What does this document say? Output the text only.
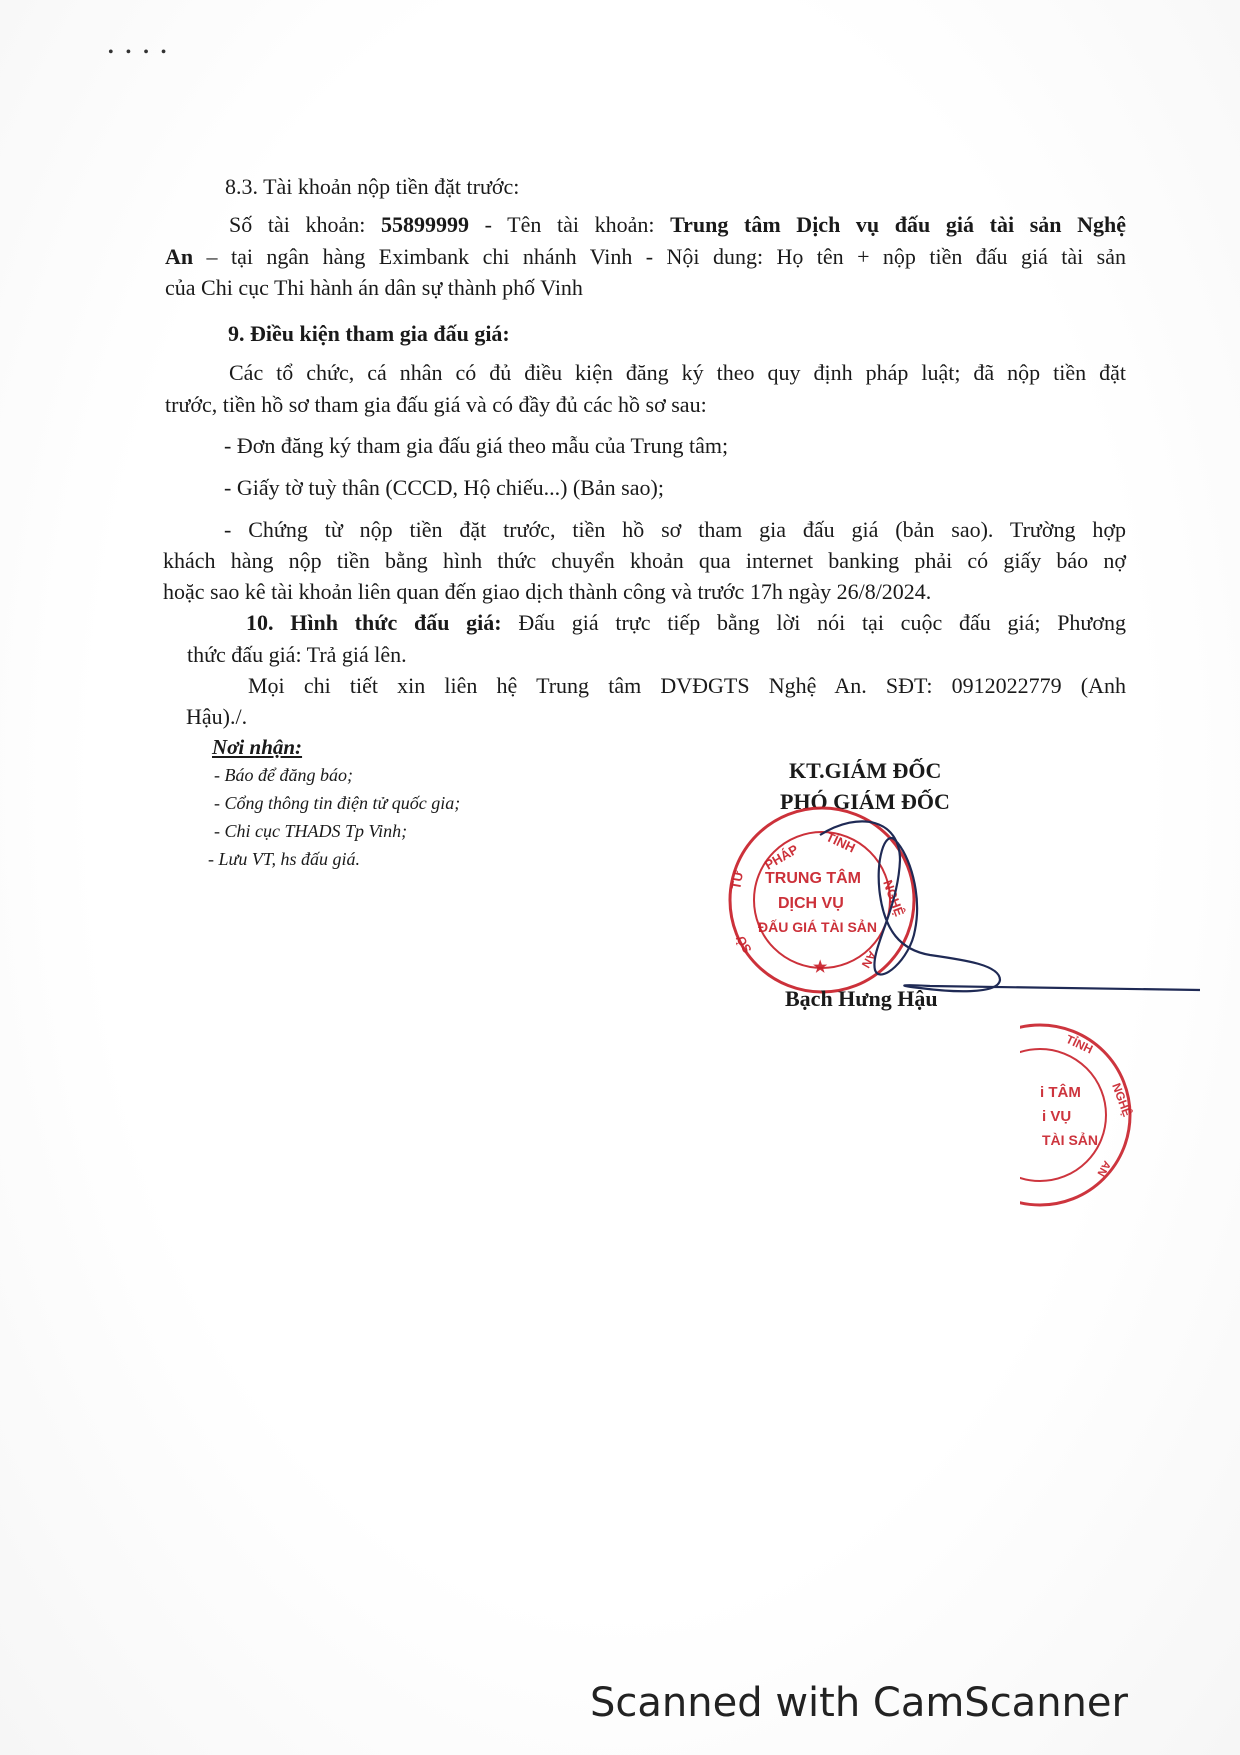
• • • •
8.3. Tài khoản nộp tiền đặt trước:
Số tài khoản: 55899999 - Tên tài khoản: Trung tâm Dịch vụ đấu giá tài sản Nghệ
An – tại ngân hàng Eximbank chi nhánh Vinh - Nội dung: Họ tên + nộp tiền đấu giá tài sản
của Chi cục Thi hành án dân sự thành phố Vinh
9. Điều kiện tham gia đấu giá:
Các tổ chức, cá nhân có đủ điều kiện đăng ký theo quy định pháp luật; đã nộp tiền đặt
trước, tiền hồ sơ tham gia đấu giá và có đầy đủ các hồ sơ sau:
- Đơn đăng ký tham gia đấu giá theo mẫu của Trung tâm;
- Giấy tờ tuỳ thân (CCCD, Hộ chiếu...) (Bản sao);
- Chứng từ nộp tiền đặt trước, tiền hồ sơ tham gia đấu giá (bản sao). Trường hợp
khách hàng nộp tiền bằng hình thức chuyển khoản qua internet banking phải có giấy báo nợ
hoặc sao kê tài khoản liên quan đến giao dịch thành công và trước 17h ngày 26/8/2024.
10. Hình thức đấu giá: Đấu giá trực tiếp bằng lời nói tại cuộc đấu giá; Phương
thức đấu giá: Trả giá lên.
Mọi chi tiết xin liên hệ Trung tâm DVĐGTS Nghệ An. SĐT: 0912022779 (Anh
Hậu)./.
Nơi nhận:
- Báo để đăng báo;
- Cổng thông tin điện tử quốc gia;
- Chi cục THADS Tp Vinh;
- Lưu VT, hs đấu giá.
KT.GIÁM ĐỐC
PHÓ GIÁM ĐỐC
PHÁP TỈNH
NGHỆ
AN
TƯ
SỞ
TRUNG TÂM
DỊCH VỤ
ĐẤU GIÁ TÀI SẢN
★
Bạch Hưng Hậu
TỈNH
NGHỆ
AN
i TÂM
i VỤ
TÀI SẢN
Scanned with CamScanner
